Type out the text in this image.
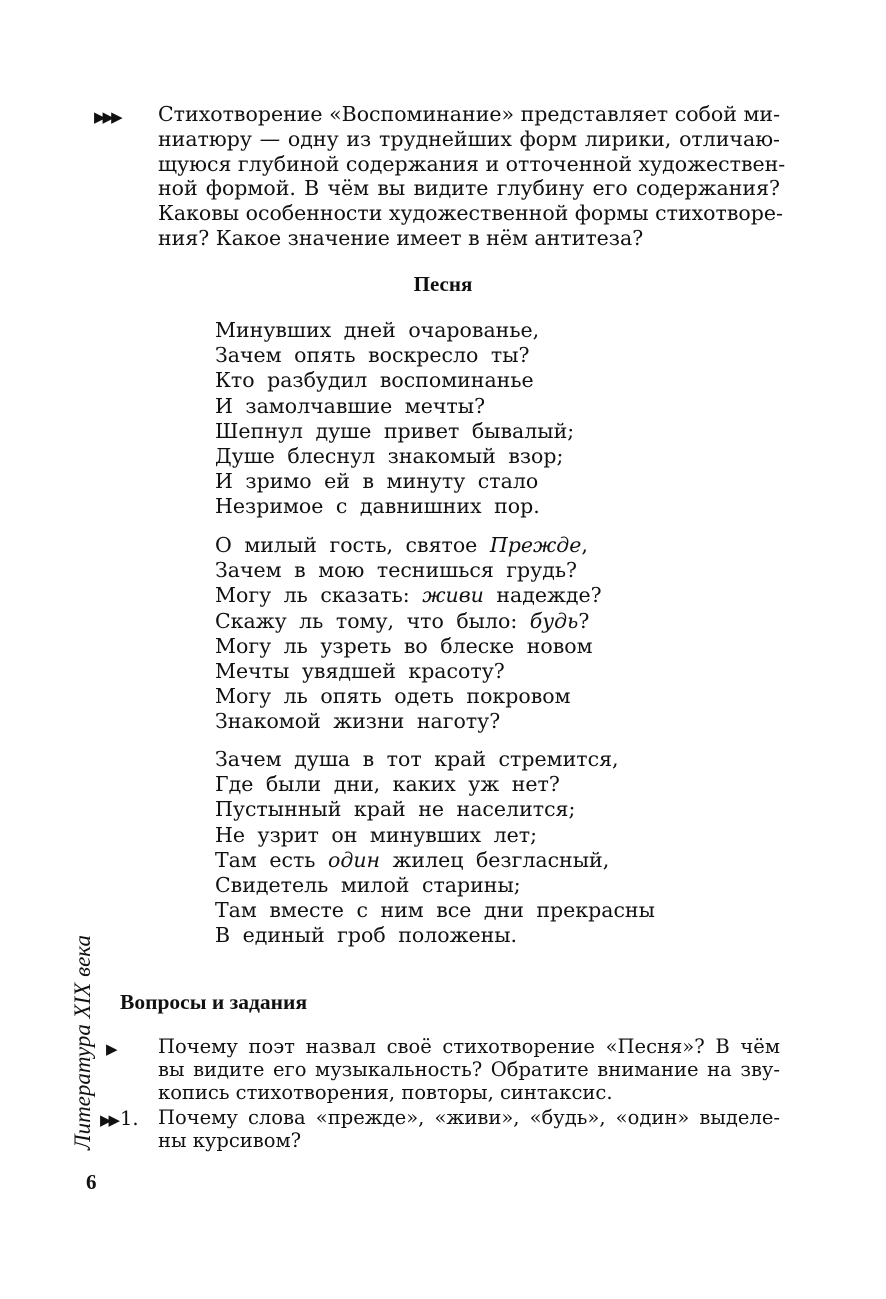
▶▶▶ Стихотворение «Воспоминание» представляет собой ми-
ниатюру — одну из труднейших форм лирики, отличаю-
щуюся глубиной содержания и отточенной художествен-
ной формой. В чём вы видите глубину его содержания?
Каковы особенности художественной формы стихотворе-
ния? Какое значение имеет в нём антитеза?
Песня
Минувших дней очарованье,
Зачем опять воскресло ты?
Кто разбудил воспоминанье
И замолчавшие мечты?
Шепнул душе привет бывалый;
Душе блеснул знакомый взор;
И зримо ей в минуту стало
Незримое с давнишних пор.
О милый гость, святое Прежде,
Зачем в мою теснишься грудь?
Могу ль сказать: живи надежде?
Скажу ль тому, что было: будь?
Могу ль узреть во блеске новом
Мечты увядшей красоту?
Могу ль опять одеть покровом
Знакомой жизни наготу?
Зачем душа в тот край стремится,
Где были дни, каких уж нет?
Пустынный край не населится;
Не узрит он минувших лет;
Там есть один жилец безгласный,
Свидетель милой старины;
Там вместе с ним все дни прекрасны
В единый гроб положены.
Вопросы и задания
▶ Почему поэт назвал своё стихотворение «Песня»? В чём
вы видите его музыкальность? Обратите внимание на зву-
копись стихотворения, повторы, синтаксис.
▶▶ 1. Почему слова «прежде», «живи», «будь», «один» выделе-
ны курсивом?
Литература XIX века
6
